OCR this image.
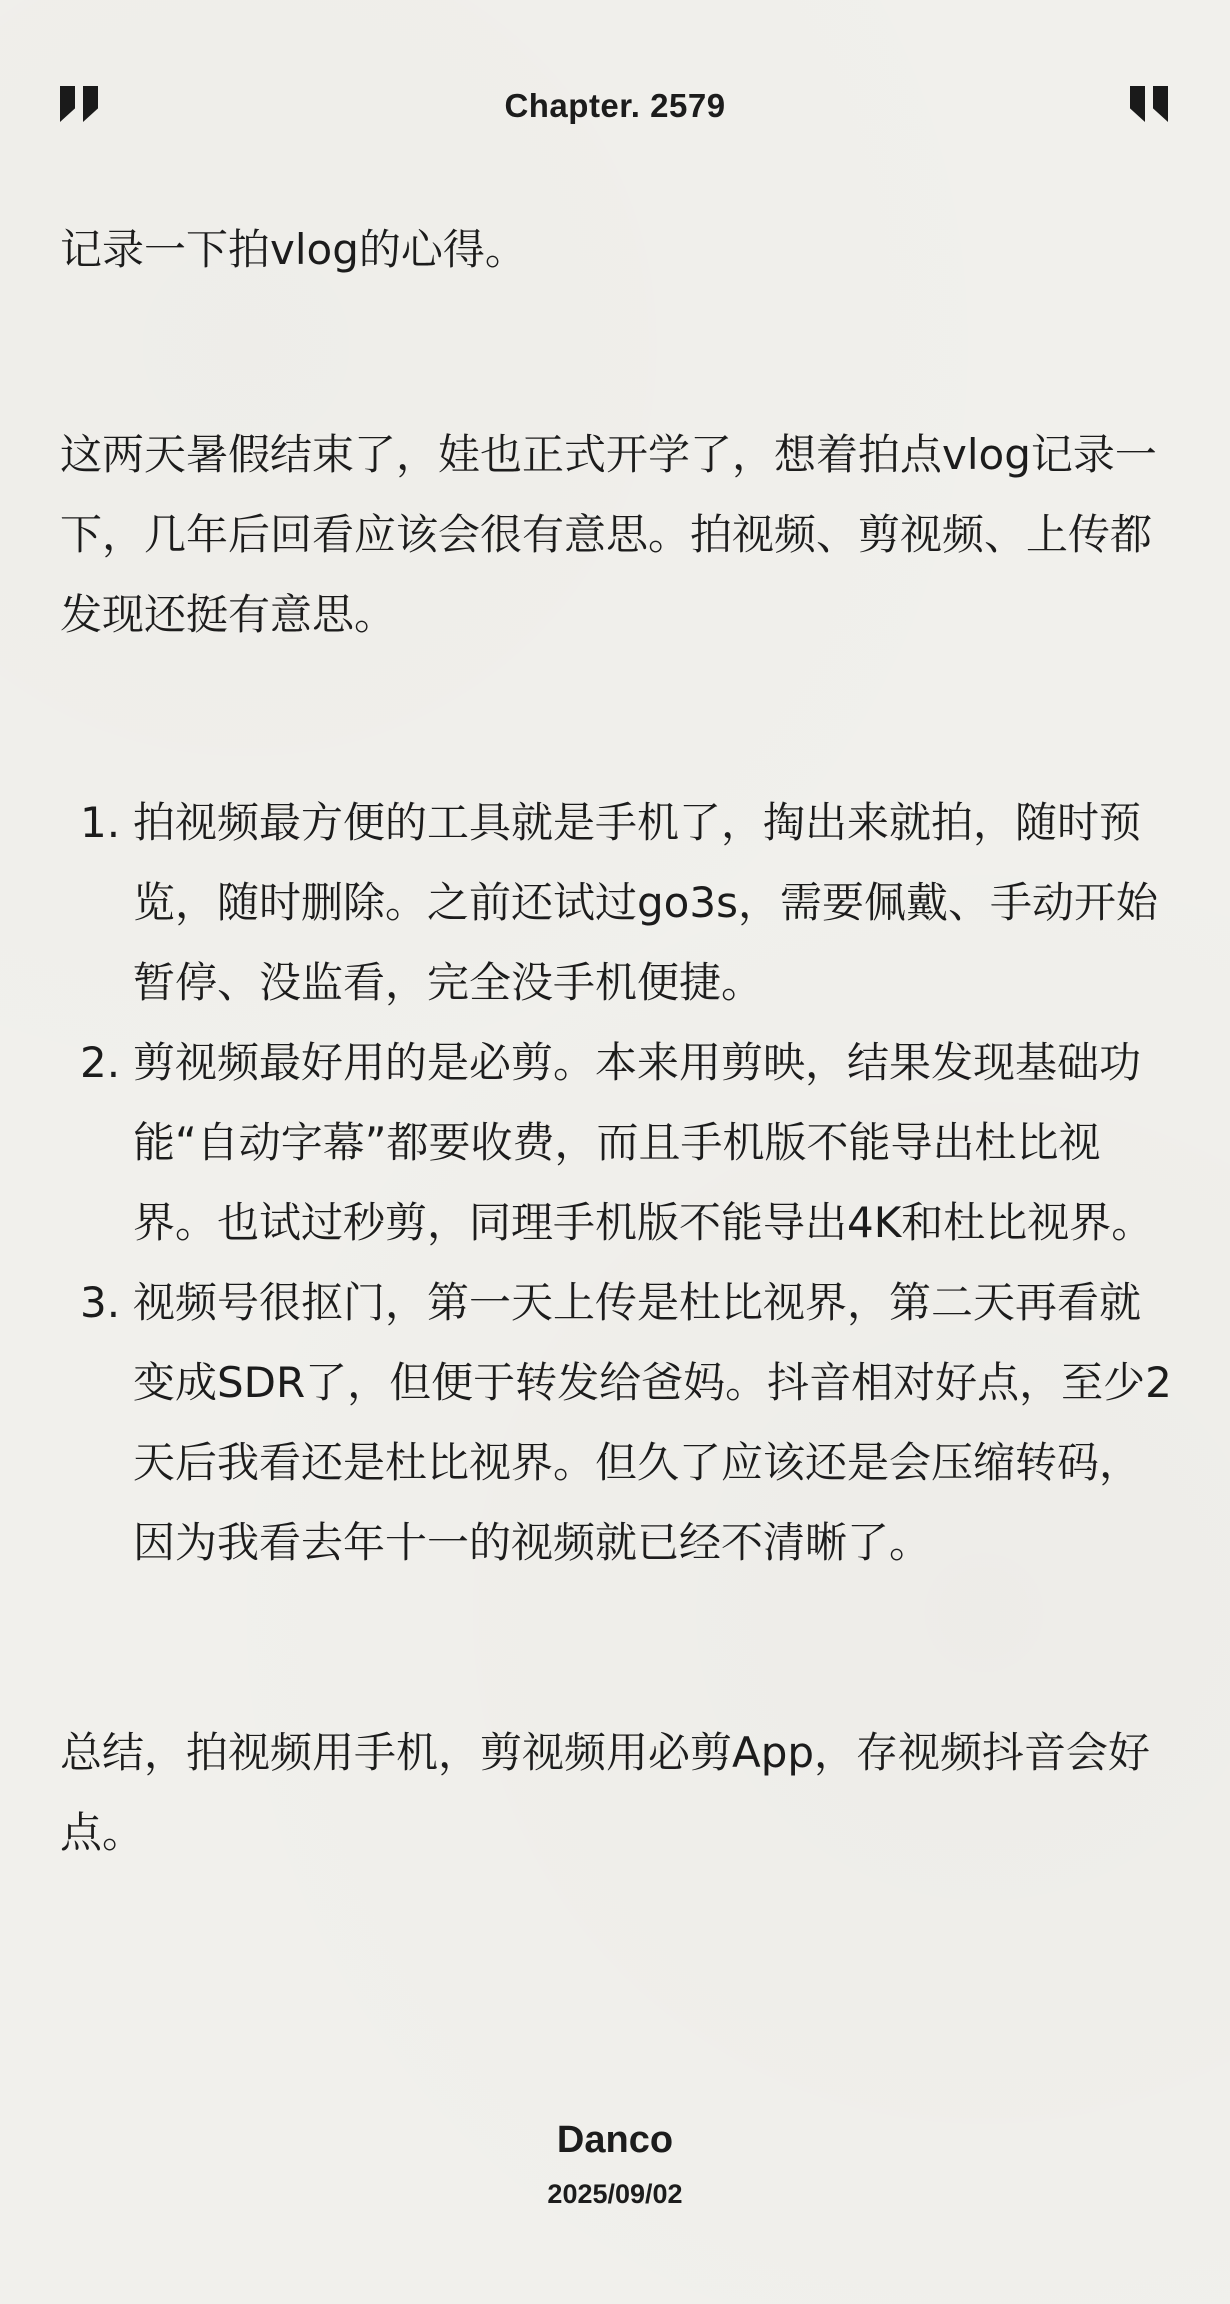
Chapter. 2579

记录一下拍vlog的心得。

这两天暑假结束了，娃也正式开学了，想着拍点vlog记录一下，几年后回看应该会很有意思。拍视频、剪视频、上传都发现还挺有意思。

1. 拍视频最方便的工具就是手机了，掏出来就拍，随时预览，随时删除。之前还试过go3s，需要佩戴、手动开始暂停、没监看，完全没手机便捷。
2. 剪视频最好用的是必剪。本来用剪映，结果发现基础功能“自动字幕”都要收费，而且手机版不能导出杜比视界。也试过秒剪，同理手机版不能导出4K和杜比视界。
3. 视频号很抠门，第一天上传是杜比视界，第二天再看就变成SDR了，但便于转发给爸妈。抖音相对好点，至少2天后我看还是杜比视界。但久了应该还是会压缩转码，因为我看去年十一的视频就已经不清晰了。

总结，拍视频用手机，剪视频用必剪App，存视频抖音会好点。

Danco
2025/09/02
